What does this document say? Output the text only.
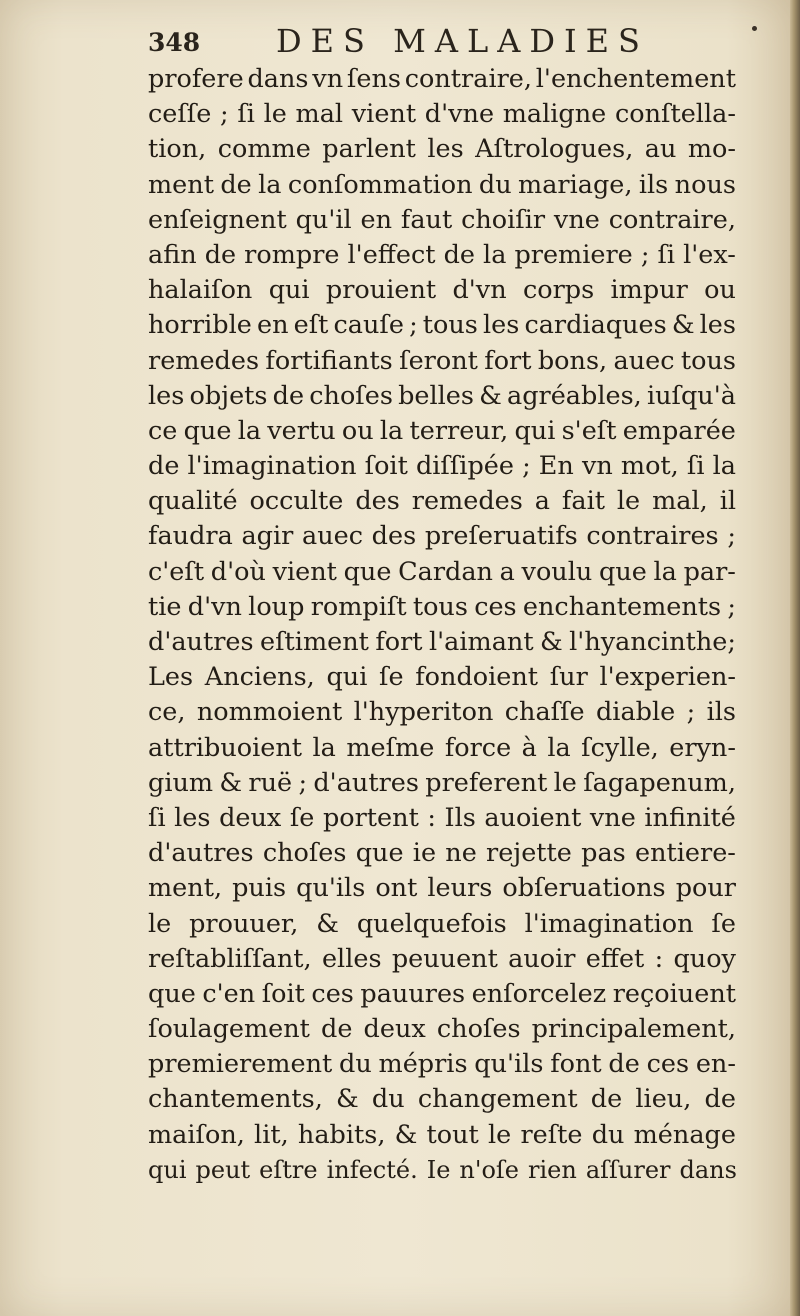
348 DES MALADIES
profere dans vn ſens contraire, l'enchentement
ceſſe ; ſi le mal vient d'vne maligne conſtella-
tion, comme parlent les Aſtrologues, au mo-
ment de la conſommation du mariage, ils nous
enſeignent qu'il en faut choiſir vne contraire,
afin de rompre l'effect de la premiere ; ſi l'ex-
halaiſon qui prouient d'vn corps impur ou
horrible en eſt cauſe ; tous les cardiaques & les
remedes fortifiants ſeront fort bons, auec tous
les objets de choſes belles & agréables, iuſqu'à
ce que la vertu ou la terreur, qui s'eſt emparée
de l'imagination ſoit diſſipée ; En vn mot, ſi la
qualité occulte des remedes a fait le mal, il
faudra agir auec des preſeruatifs contraires ;
c'eſt d'où vient que Cardan a voulu que la par-
tie d'vn loup rompiſt tous ces enchantements ;
d'autres eſtiment fort l'aimant & l'hyancinthe;
Les Anciens, qui ſe fondoient ſur l'experien-
ce, nommoient l'hyperiton chaſſe diable ; ils
attribuoient la meſme force à la ſcylle, eryn-
gium & ruë ; d'autres preferent le ſagapenum,
ſi les deux ſe portent : Ils auoient vne infinité
d'autres choſes que ie ne rejette pas entiere-
ment, puis qu'ils ont leurs obſeruations pour
le prouuer, & quelquefois l'imagination ſe
reſtabliſſant, elles peuuent auoir effet : quoy
que c'en ſoit ces pauures enſorcelez reçoiuent
ſoulagement de deux choſes principalement,
premierement du mépris qu'ils font de ces en-
chantements, & du changement de lieu, de
maiſon, lit, habits, & tout le reſte du ménage
qui peut eſtre infecté. Ie n'oſe rien aſſurer dans
